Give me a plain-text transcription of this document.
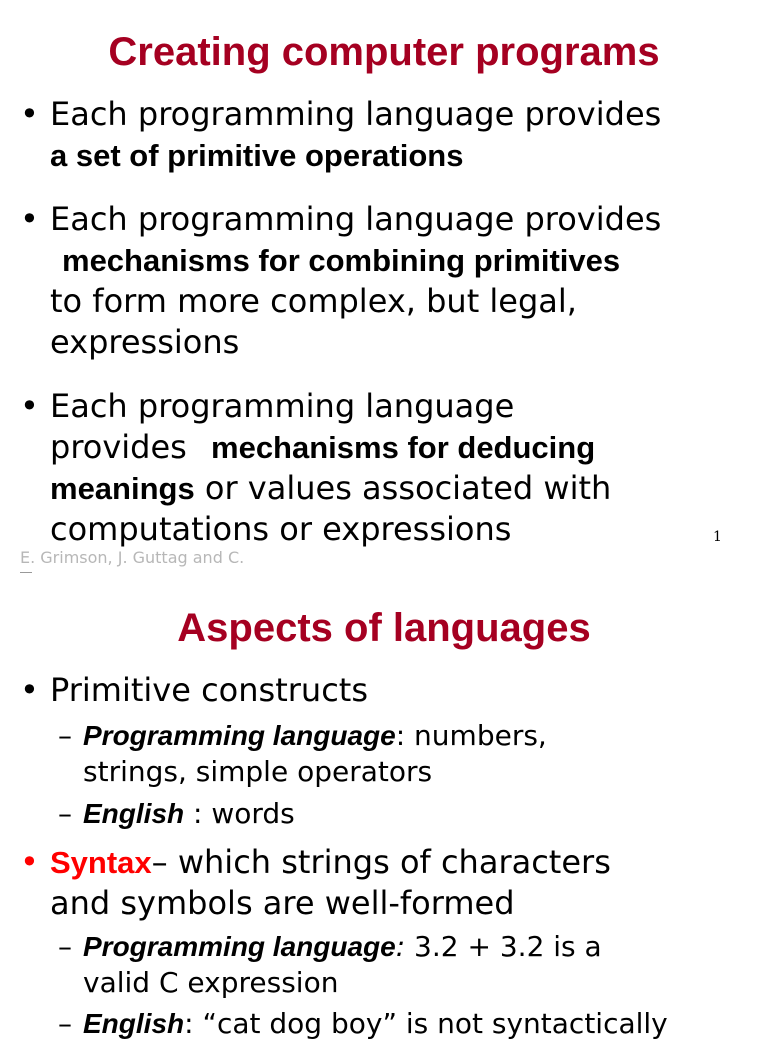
Creating computer programs
• Each programming language provides
a set of primitive operations
• Each programming language provides
mechanisms for combining primitives
to form more complex, but legal,
expressions
• Each programming language
provides mechanisms for deducing
meanings or values associated with
computations or expressions	1
E. Grimson, J. Guttag and C.
Aspects of languages
• Primitive constructs
– Programming language: numbers,
strings, simple operators
– English : words
• Syntax– which strings of characters
and symbols are well-formed
– Programming language: 3.2 + 3.2 is a
valid C expression
– English: “cat dog boy” is not syntactically
